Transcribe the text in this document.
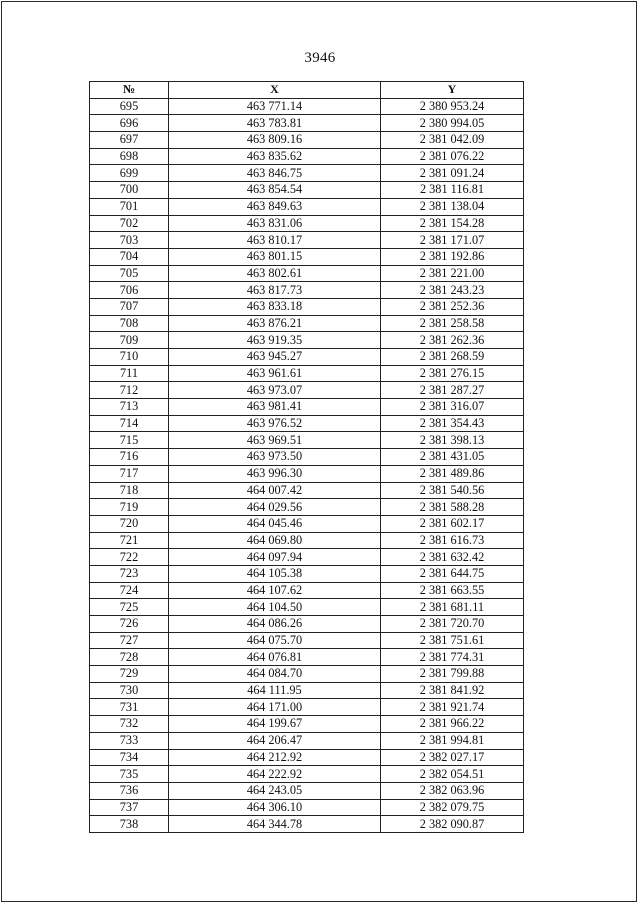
3946
№	X	Y
695	463 771.14	2 380 953.24
696	463 783.81	2 380 994.05
697	463 809.16	2 381 042.09
698	463 835.62	2 381 076.22
699	463 846.75	2 381 091.24
700	463 854.54	2 381 116.81
701	463 849.63	2 381 138.04
702	463 831.06	2 381 154.28
703	463 810.17	2 381 171.07
704	463 801.15	2 381 192.86
705	463 802.61	2 381 221.00
706	463 817.73	2 381 243.23
707	463 833.18	2 381 252.36
708	463 876.21	2 381 258.58
709	463 919.35	2 381 262.36
710	463 945.27	2 381 268.59
711	463 961.61	2 381 276.15
712	463 973.07	2 381 287.27
713	463 981.41	2 381 316.07
714	463 976.52	2 381 354.43
715	463 969.51	2 381 398.13
716	463 973.50	2 381 431.05
717	463 996.30	2 381 489.86
718	464 007.42	2 381 540.56
719	464 029.56	2 381 588.28
720	464 045.46	2 381 602.17
721	464 069.80	2 381 616.73
722	464 097.94	2 381 632.42
723	464 105.38	2 381 644.75
724	464 107.62	2 381 663.55
725	464 104.50	2 381 681.11
726	464 086.26	2 381 720.70
727	464 075.70	2 381 751.61
728	464 076.81	2 381 774.31
729	464 084.70	2 381 799.88
730	464 111.95	2 381 841.92
731	464 171.00	2 381 921.74
732	464 199.67	2 381 966.22
733	464 206.47	2 381 994.81
734	464 212.92	2 382 027.17
735	464 222.92	2 382 054.51
736	464 243.05	2 382 063.96
737	464 306.10	2 382 079.75
738	464 344.78	2 382 090.87
